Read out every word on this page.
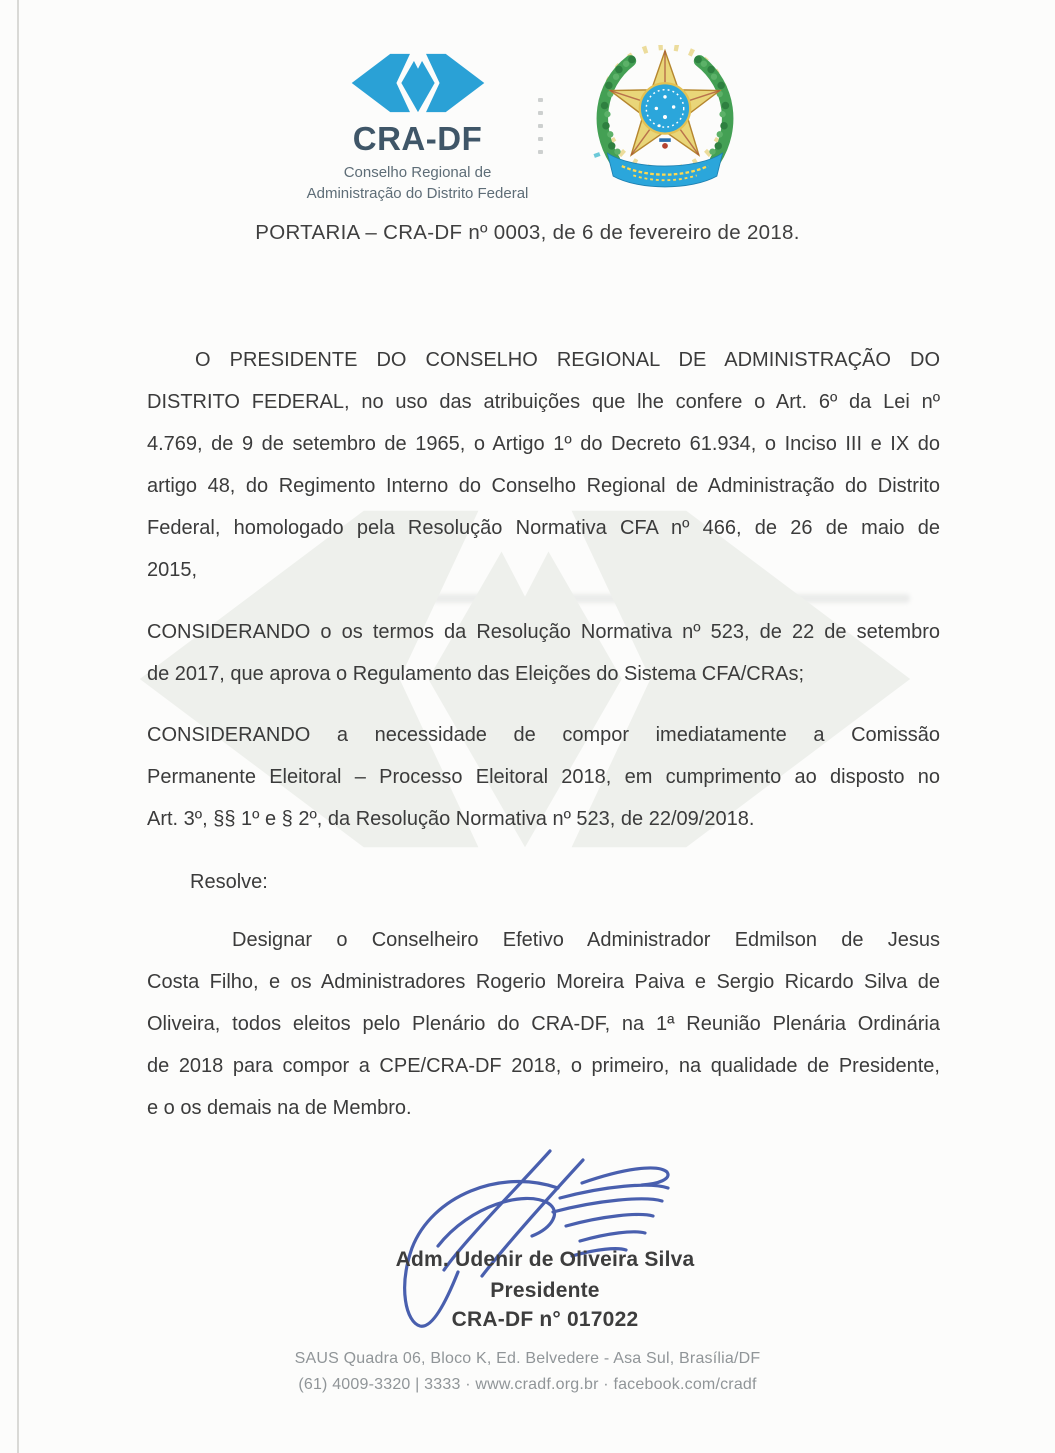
CRA-DF
Conselho Regional de
Administração do Distrito Federal
PORTARIA – CRA-DF nº 0003, de 6 de fevereiro de 2018.
O PRESIDENTE DO CONSELHO REGIONAL DE ADMINISTRAÇÃO DO
DISTRITO FEDERAL, no uso das atribuições que lhe confere o Art. 6º da Lei nº
4.769, de 9 de setembro de 1965, o Artigo 1º do Decreto 61.934, o Inciso III e IX do
artigo 48, do Regimento Interno do Conselho Regional de Administração do Distrito
Federal, homologado pela Resolução Normativa CFA nº 466, de 26 de maio de
2015,
CONSIDERANDO o os termos da Resolução Normativa nº 523, de 22 de setembro
de 2017, que aprova o Regulamento das Eleições do Sistema CFA/CRAs;
CONSIDERANDO a necessidade de compor imediatamente a Comissão
Permanente Eleitoral – Processo Eleitoral 2018, em cumprimento ao disposto no
Art. 3º, §§ 1º e § 2º, da Resolução Normativa nº 523, de 22/09/2018.
Resolve:
Designar o Conselheiro Efetivo Administrador Edmilson de Jesus
Costa Filho, e os Administradores Rogerio Moreira Paiva e Sergio Ricardo Silva de
Oliveira, todos eleitos pelo Plenário do CRA-DF, na 1ª Reunião Plenária Ordinária
de 2018 para compor a CPE/CRA-DF 2018, o primeiro, na qualidade de Presidente,
e o os demais na de Membro.
Adm. Udenir de Oliveira Silva
Presidente
CRA-DF n° 017022
SAUS Quadra 06, Bloco K, Ed. Belvedere - Asa Sul, Brasília/DF
(61) 4009-3320 | 3333 · www.cradf.org.br · facebook.com/cradf
